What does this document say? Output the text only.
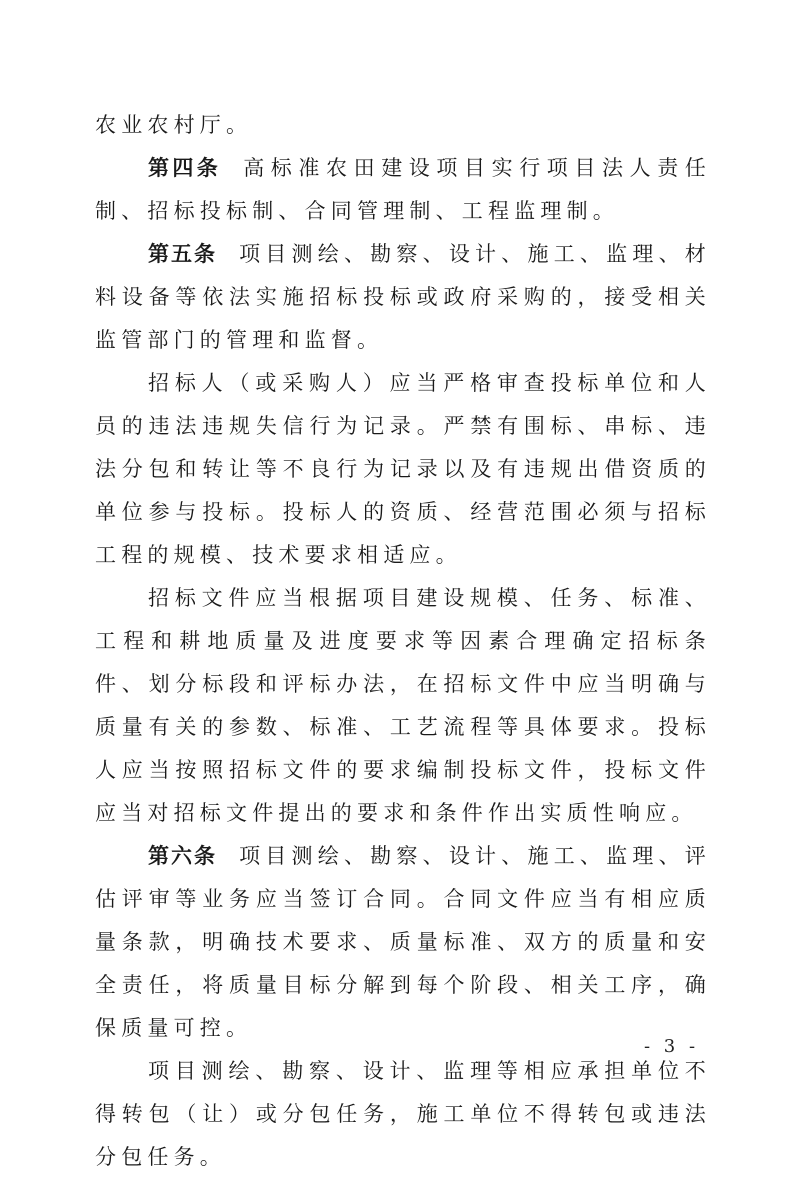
农业农村厅。

第四条 高标准农田建设项目实行项目法人责任制、招标投标制、合同管理制、工程监理制。

第五条 项目测绘、勘察、设计、施工、监理、材料设备等依法实施招标投标或政府采购的，接受相关监管部门的管理和监督。

招标人（或采购人）应当严格审查投标单位和人员的违法违规失信行为记录。严禁有围标、串标、违法分包和转让等不良行为记录以及有违规出借资质的单位参与投标。投标人的资质、经营范围必须与招标工程的规模、技术要求相适应。

招标文件应当根据项目建设规模、任务、标准、工程和耕地质量及进度要求等因素合理确定招标条件、划分标段和评标办法，在招标文件中应当明确与质量有关的参数、标准、工艺流程等具体要求。投标人应当按照招标文件的要求编制投标文件，投标文件应当对招标文件提出的要求和条件作出实质性响应。

第六条 项目测绘、勘察、设计、施工、监理、评估评审等业务应当签订合同。合同文件应当有相应质量条款，明确技术要求、质量标准、双方的质量和安全责任，将质量目标分解到每个阶段、相关工序，确保质量可控。

项目测绘、勘察、设计、监理等相应承担单位不得转包（让）或分包任务，施工单位不得转包或违法分包任务。

- 3 -
